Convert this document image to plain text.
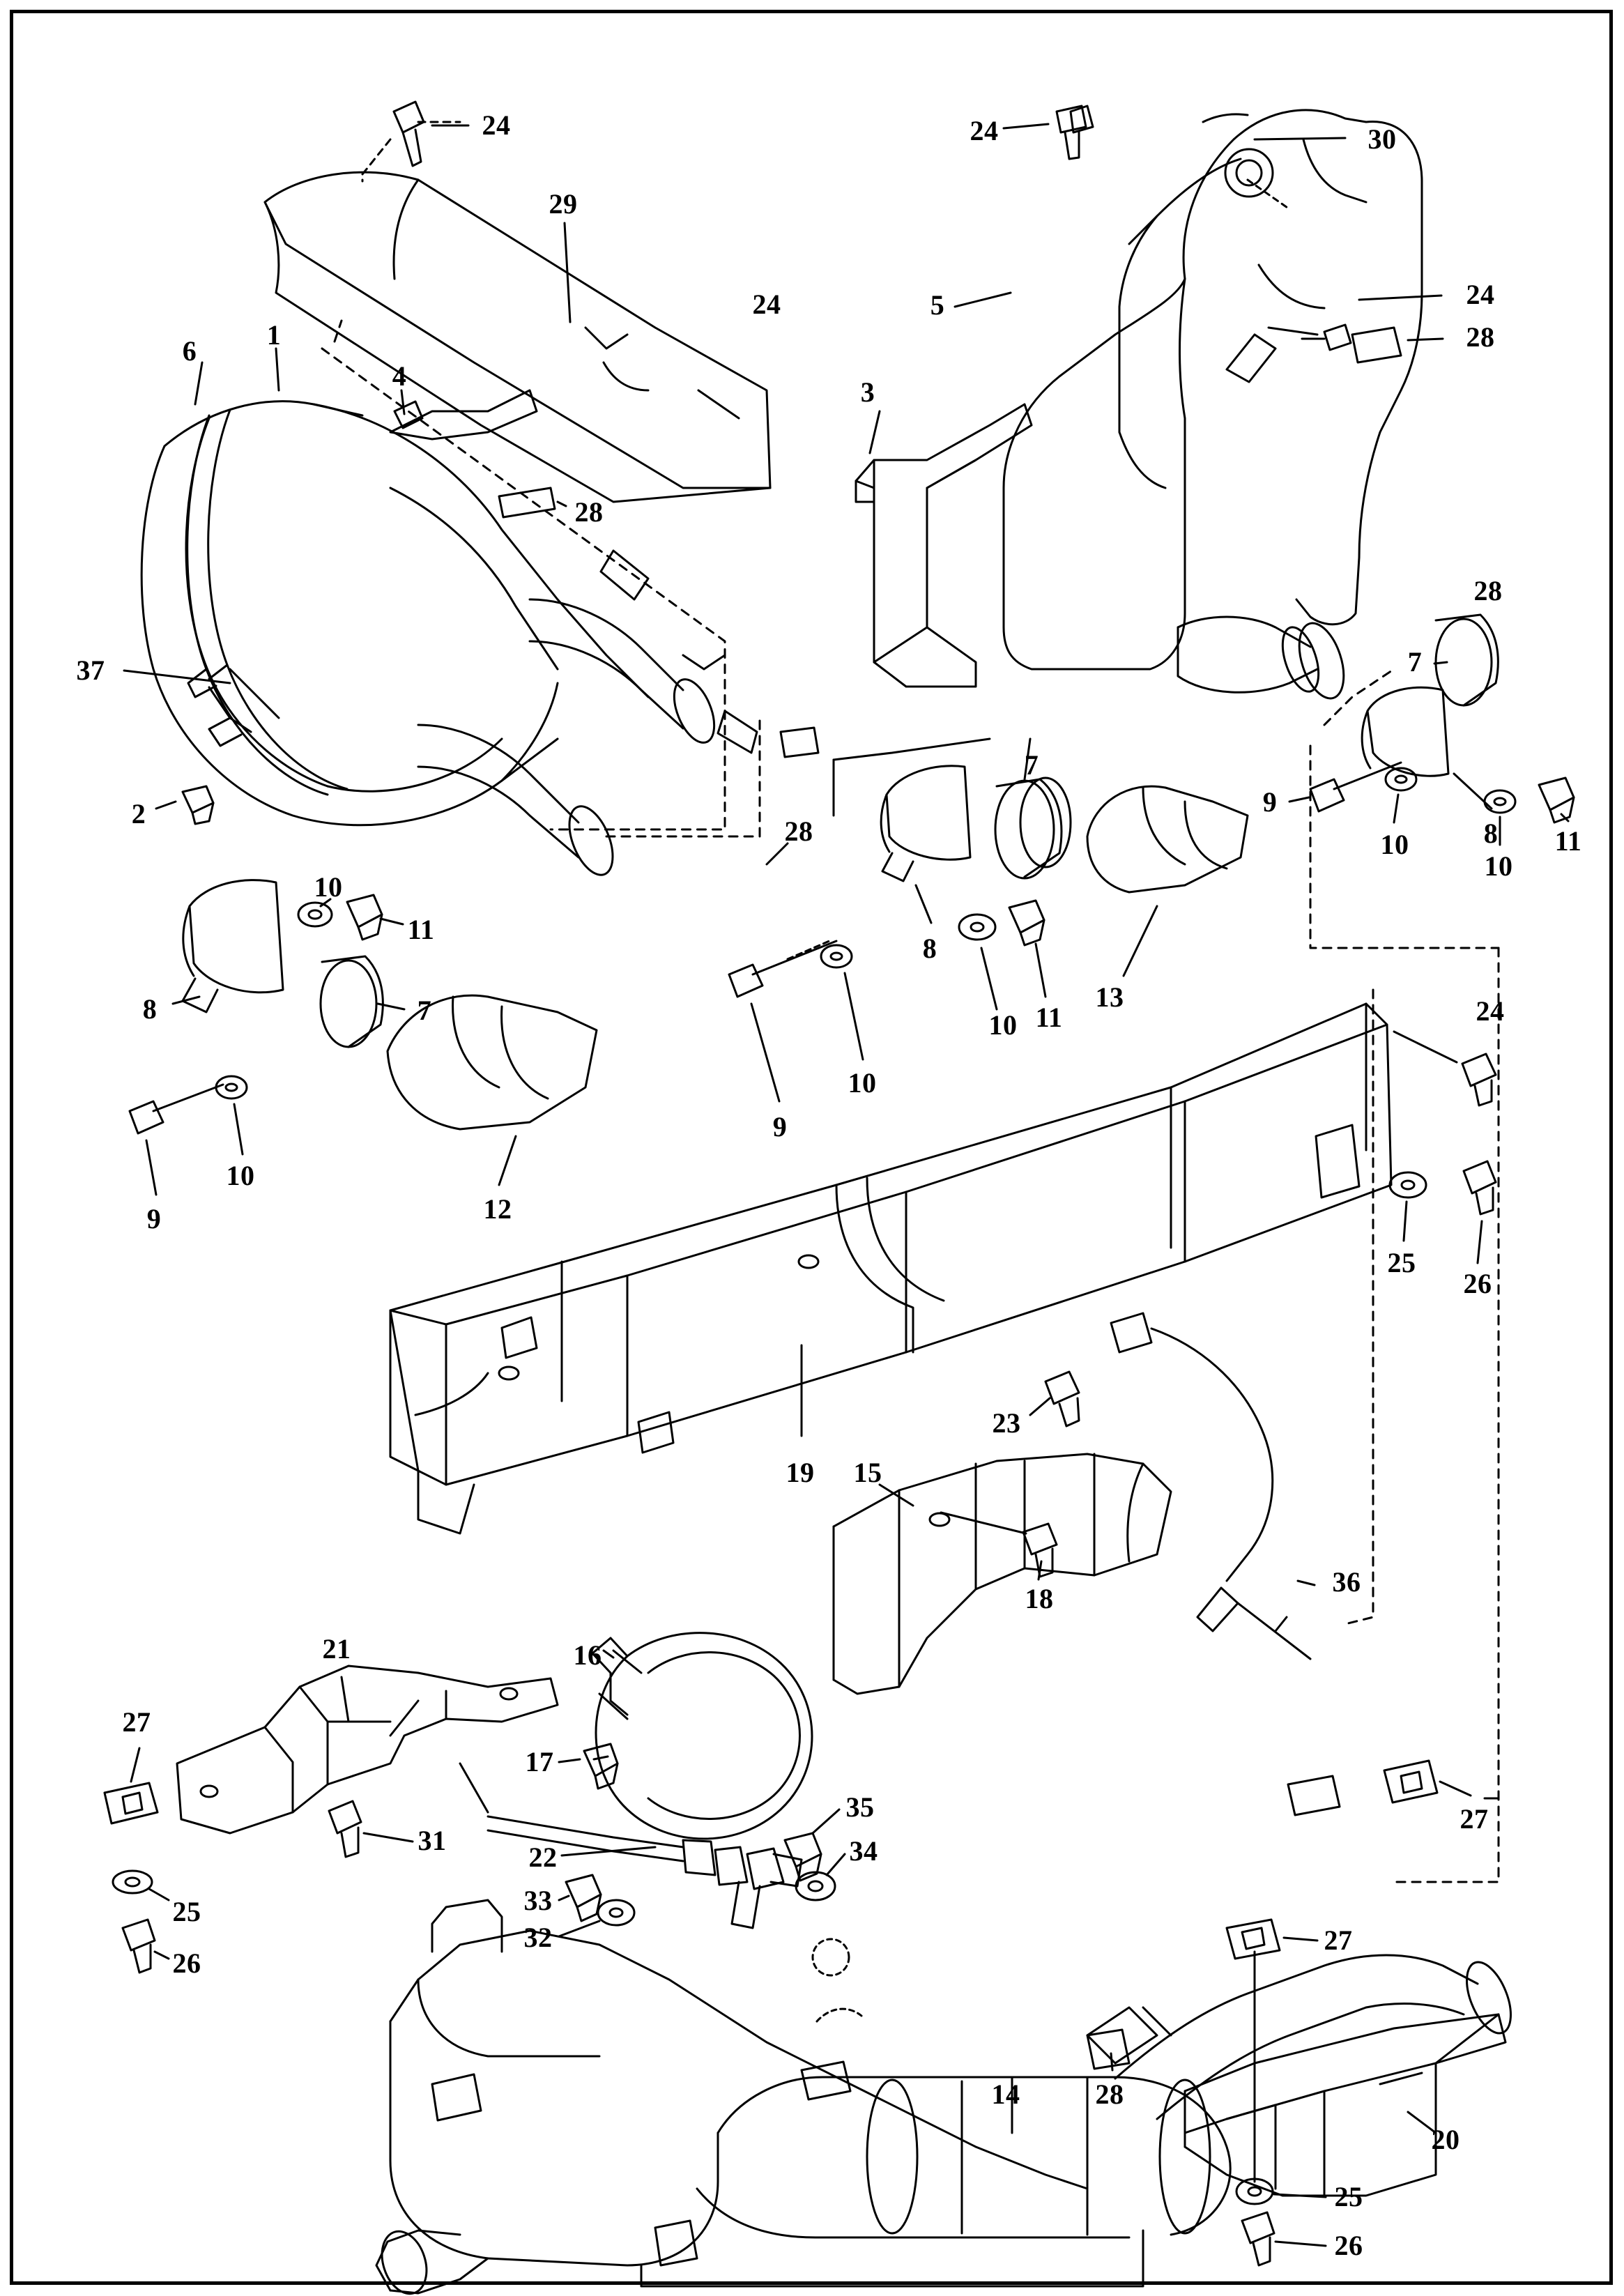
24	24	30
29
5
24	24
28
6
1
4
3
28
28
7
37
28
2	9
10	8
10
11
7
8
10 11
13
10
11
8	7
9
10
9
10
12
24
25
26
19
23
15
36
18
21	16
27
17
35
34
31
22
33
32
25
26
27
27
14	28
20
25
26
